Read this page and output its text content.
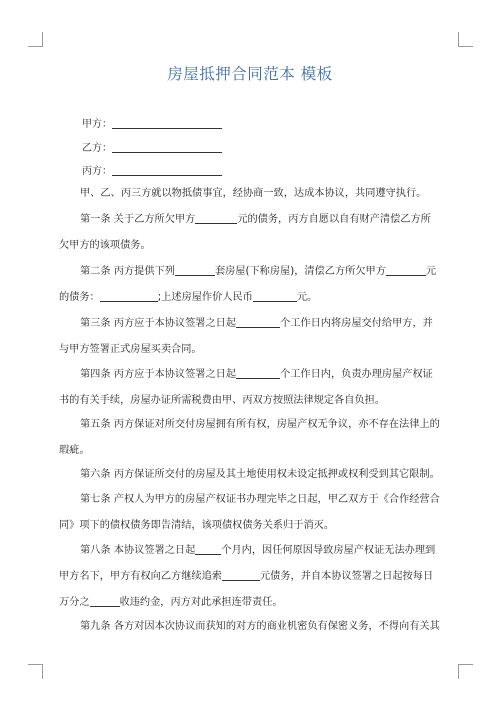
房屋抵押合同范本 模板
甲方：
乙方：
丙方：
甲、乙、丙三方就以物抵债事宜，经协商一致，达成本协议，共同遵守执行。
第一条 关于乙方所欠甲方	元的债务，丙方自愿以自有财产清偿乙方所欠甲方的该项债务。
第二条 丙方提供下列	套房屋(下称房屋)，清偿乙方所欠甲方	元的债务：	;上述房屋作价人民币	元。
第三条 丙方应于本协议签署之日起	个工作日内将房屋交付给甲方，并与甲方签署正式房屋买卖合同。
第四条 丙方应于本协议签署之日起	个工作日内，负责办理房屋产权证书的有关手续，房屋办证所需税费由甲、丙双方按照法律规定各自负担。
第五条 丙方保证对所交付房屋拥有所有权，房屋产权无争议，亦不存在法律上的瑕疵。
第六条 丙方保证所交付的房屋及其土地使用权未设定抵押或权利受到其它限制。
第七条 产权人为甲方的房屋产权证书办理完毕之日起，甲乙双方于《合作经营合同》项下的债权债务即告清结，该项债权债务关系归于消灭。
第八条 本协议签署之日起	个月内，因任何原因导致房屋产权证无法办理到甲方名下，甲方有权向乙方继续追索	元债务，并自本协议签署之日起按每日万分之	收违约金，丙方对此承担连带责任。
第九条 各方对因本次协议而获知的对方的商业机密负有保密义务，不得向有关其
